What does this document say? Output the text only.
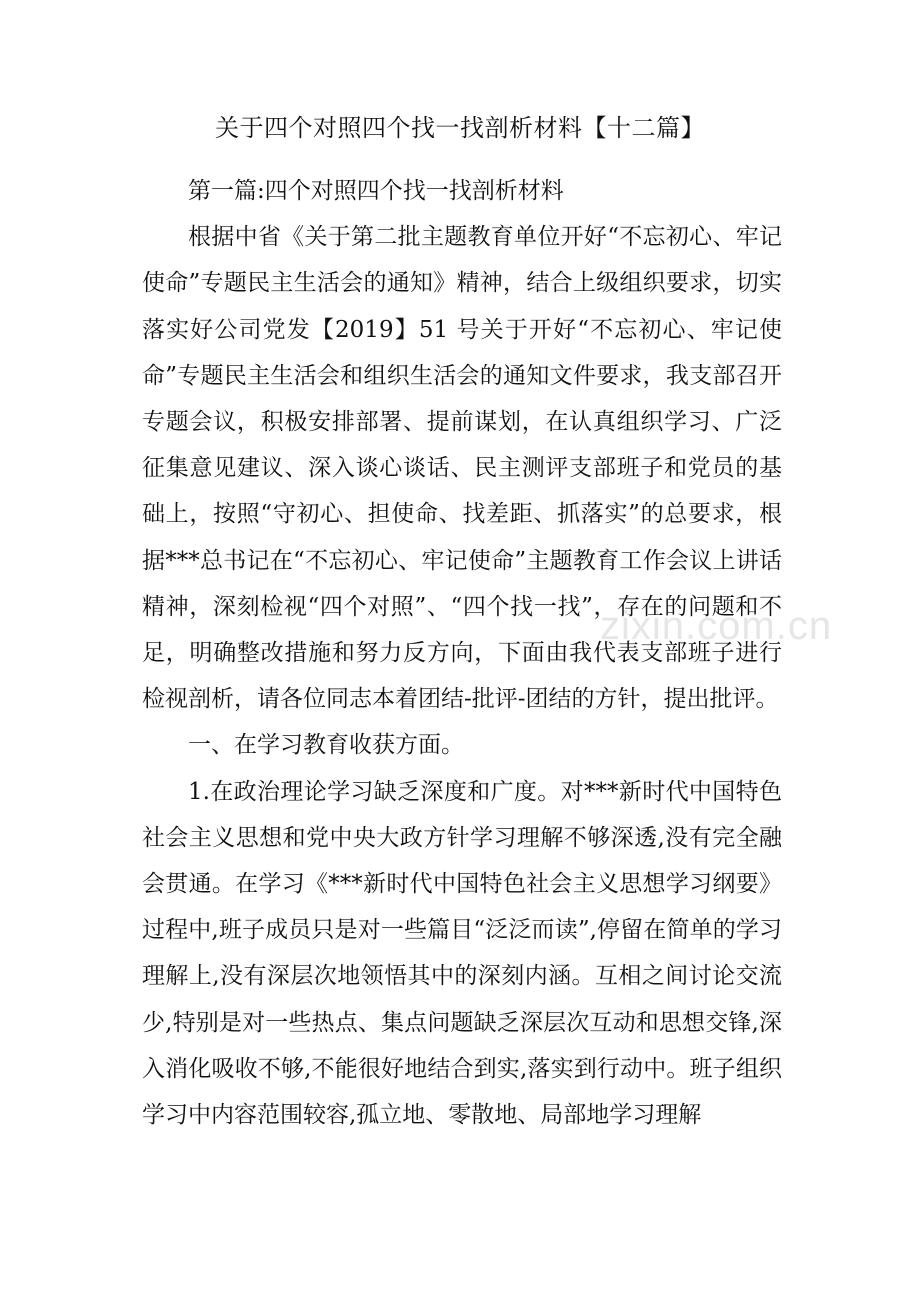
zixin.com.cn
关于四个对照四个找一找剖析材料【十二篇】

第一篇:四个对照四个找一找剖析材料

根据中省《关于第二批主题教育单位开好“不忘初心、牢记使命”专题民主生活会的通知》精神，结合上级组织要求，切实落实好公司党发【2019】51 号关于开好“不忘初心、牢记使命”专题民主生活会和组织生活会的通知文件要求，我支部召开专题会议，积极安排部署、提前谋划，在认真组织学习、广泛征集意见建议、深入谈心谈话、民主测评支部班子和党员的基础上，按照“守初心、担使命、找差距、抓落实”的总要求，根据***总书记在“不忘初心、牢记使命”主题教育工作会议上讲话精神，深刻检视“四个对照”、“四个找一找”，存在的问题和不足，明确整改措施和努力反方向，下面由我代表支部班子进行检视剖析，请各位同志本着团结-批评-团结的方针，提出批评。

一、在学习教育收获方面。

1.在政治理论学习缺乏深度和广度。对***新时代中国特色社会主义思想和党中央大政方针学习理解不够深透,没有完全融会贯通。在学习《***新时代中国特色社会主义思想学习纲要》过程中,班子成员只是对一些篇目“泛泛而读”,停留在简单的学习理解上,没有深层次地领悟其中的深刻内涵。互相之间讨论交流少,特别是对一些热点、集点问题缺乏深层次互动和思想交锋,深入消化吸收不够,不能很好地结合到实,落实到行动中。班子组织学习中内容范围较容,孤立地、零散地、局部地学习理解
